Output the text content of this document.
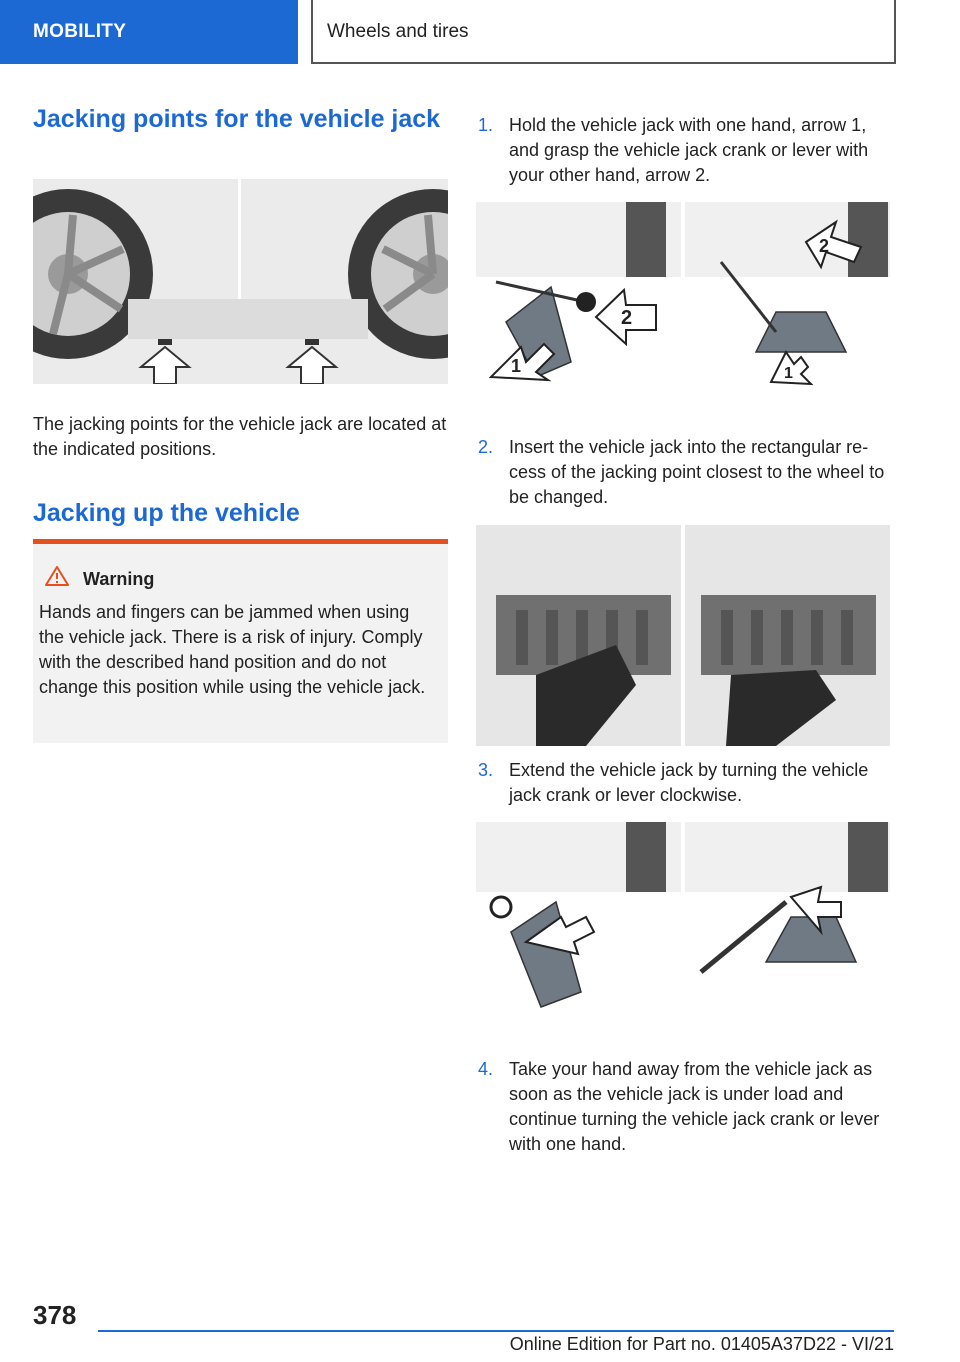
MOBILITY	Wheels and tires
Jacking points for the vehicle jack

The jacking points for the vehicle jack are located at the indicated positions.

Jacking up the vehicle
Warning

Hands and fingers can be jammed when using the vehicle jack. There is a risk of injury. Comply with the described hand position and do not change this position while using the vehicle jack.

1. Hold the vehicle jack with one hand, arrow 1, and grasp the vehicle jack crank or lever with your other hand, arrow 2.

1
2
2
1
2. Insert the vehicle jack into the rectangular recess of the jacking point closest to the wheel to be changed.

3. Extend the vehicle jack by turning the vehicle jack crank or lever clockwise.

4. Take your hand away from the vehicle jack as soon as the vehicle jack is under load and continue turning the vehicle jack crank or lever with one hand.

378
Online Edition for Part no. 01405A37D22 - VI/21
